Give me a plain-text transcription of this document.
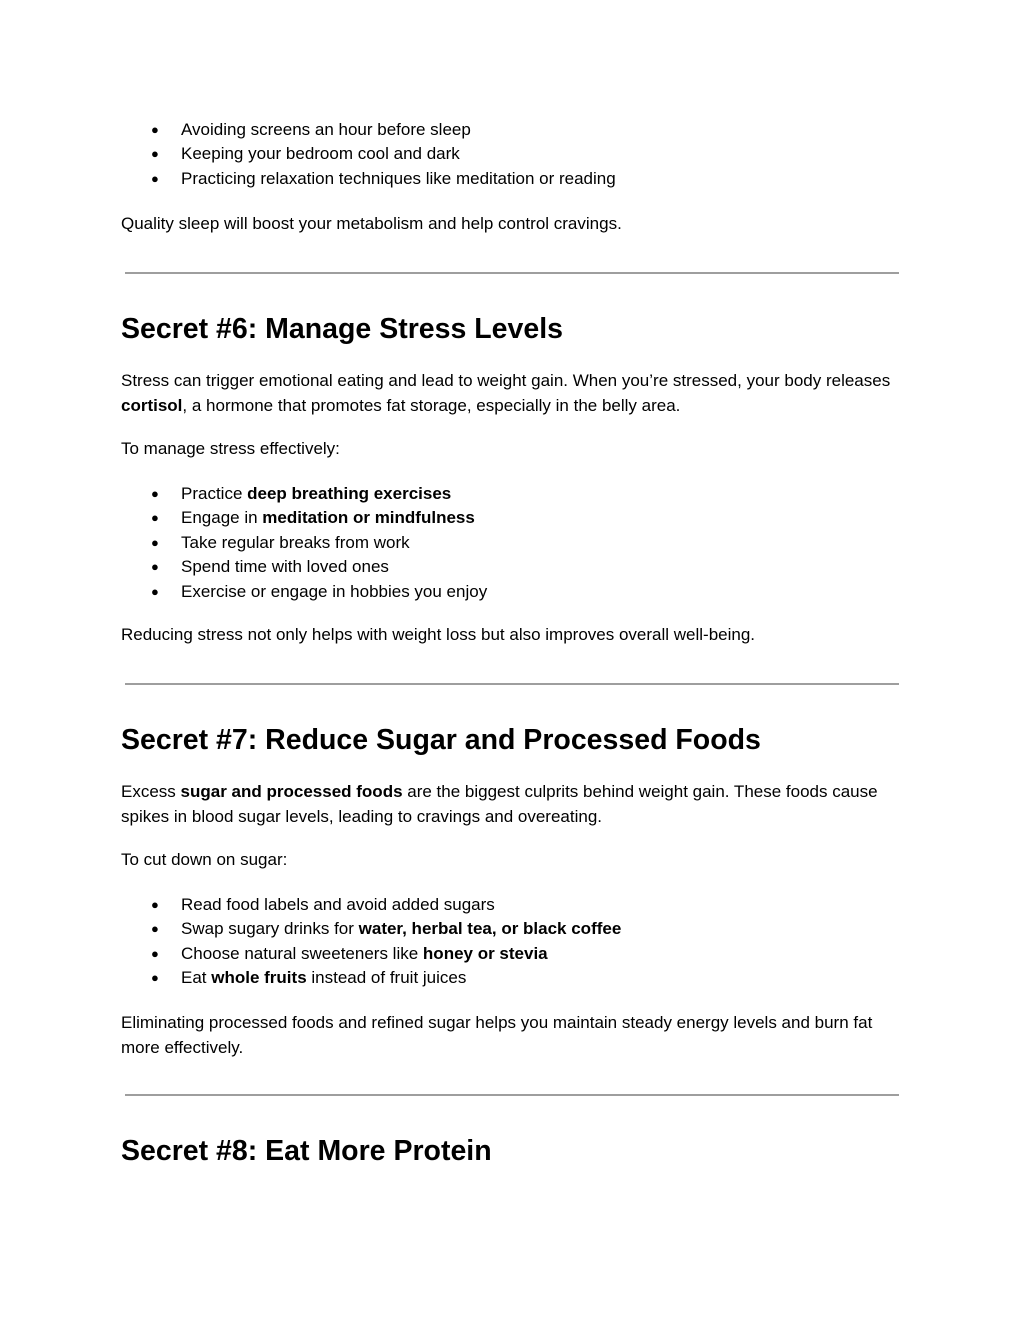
● Avoiding screens an hour before sleep
● Keeping your bedroom cool and dark
● Practicing relaxation techniques like meditation or reading

Quality sleep will boost your metabolism and help control cravings.

Secret #6: Manage Stress Levels

Stress can trigger emotional eating and lead to weight gain. When you’re stressed, your body releases cortisol, a hormone that promotes fat storage, especially in the belly area.

To manage stress effectively:

● Practice deep breathing exercises
● Engage in meditation or mindfulness
● Take regular breaks from work
● Spend time with loved ones
● Exercise or engage in hobbies you enjoy

Reducing stress not only helps with weight loss but also improves overall well-being.

Secret #7: Reduce Sugar and Processed Foods

Excess sugar and processed foods are the biggest culprits behind weight gain. These foods cause spikes in blood sugar levels, leading to cravings and overeating.

To cut down on sugar:

● Read food labels and avoid added sugars
● Swap sugary drinks for water, herbal tea, or black coffee
● Choose natural sweeteners like honey or stevia
● Eat whole fruits instead of fruit juices

Eliminating processed foods and refined sugar helps you maintain steady energy levels and burn fat more effectively.

Secret #8: Eat More Protein
